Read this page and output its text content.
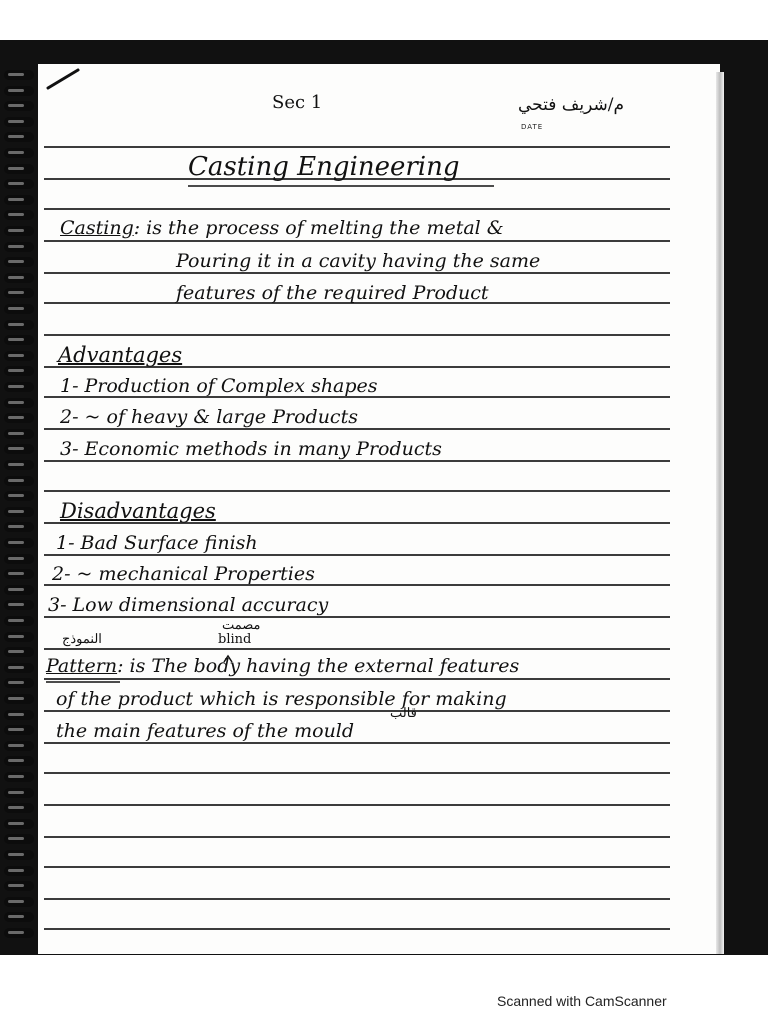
Sec 1	م/شريف فتحي
DATE
Casting Engineering
Casting: is the process of melting the metal &
Pouring it in a cavity having the same
features of the required Product
Advantages
1- Production of Complex shapes
2- ~ of heavy & large Products
3- Economic methods in many Products
Disadvantages
1- Bad Surface finish
2- ~ mechanical Properties
3- Low dimensional accuracy
النموذج
مصمت
blind
Pattern: is The body having the external features
of the product which is responsible for making
قالب
the main features of the mould
Scanned with CamScanner
